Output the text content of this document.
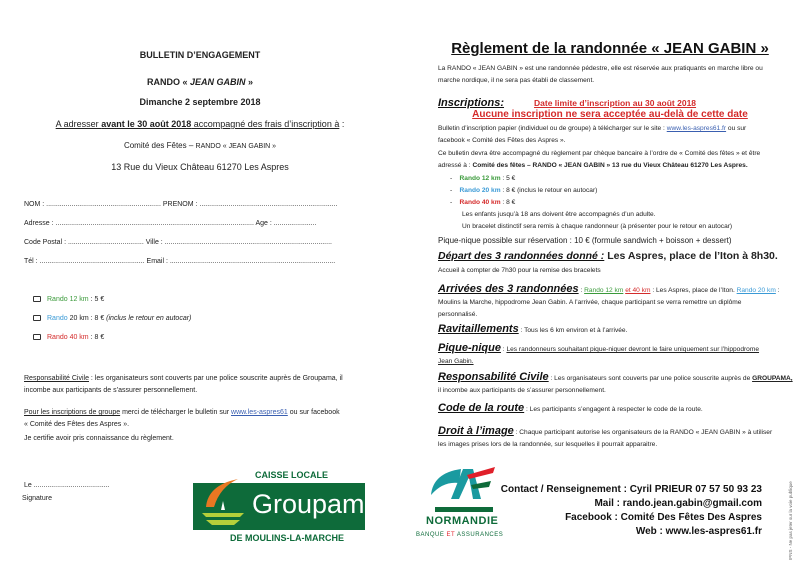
BULLETIN D’ENGAGEMENT
RANDO « JEAN GABIN »
Dimanche 2 septembre 2018
A adresser avant le 30 août 2018 accompagné des frais d’inscription à :
Comité des Fêtes – RANDO « JEAN GABIN »
13 Rue du Vieux Château 61270 Les Aspres
NOM : ........................................................... PRENOM : .......................................................................
Adresse : ...................................................................................................... Age : ......................
Code Postal : ....................................... Ville : ......................................................................................
Tél : ...................................................... Email : .....................................................................................
Rando 12 km : 5 €
Rando 20 km : 8 € (inclus le retour en autocar)
Rando 40 km : 8 €
Responsabilité Civile : les organisateurs sont couverts par une police souscrite auprès de Groupama, il
incombe aux participants de s’assurer personnellement.
Pour les inscriptions de groupe merci de télécharger le bulletin sur www.les-aspres61 ou sur facebook
« Comité des Fêtes des Aspres ».
Je certifie avoir pris connaissance du règlement.
Le .......................................
Signature
CAISSE LOCALE
Groupama
DE MOULINS-LA-MARCHE
Règlement de la randonnée « JEAN GABIN »
La RANDO « JEAN GABIN » est une randonnée pédestre, elle est réservée aux pratiquants en marche libre ou
marche nordique, il ne sera pas établi de classement.
Inscriptions:	Date limite d’inscription au 30 août 2018
Aucune inscription ne sera acceptée au-delà de cette date
Bulletin d’inscription papier (individuel ou de groupe) à télécharger sur le site : www.les-aspres61.fr ou sur
facebook « Comité des Fêtes des Aspres ».
Ce bulletin devra être accompagné du règlement par chèque bancaire à l’ordre de « Comité des fêtes » et être
adressé à : Comité des fêtes – RANDO « JEAN GABIN » 13 rue du Vieux Château 61270 Les Aspres.
-    Rando 12 km : 5 €
-    Rando 20 km : 8 € (inclus le retour en autocar)
-    Rando 40 km : 8 €
Les enfants jusqu’à 18 ans doivent être accompagnés d’un adulte.
Un bracelet distinctif sera remis à chaque randonneur (à présenter pour le retour en autocar)
Pique-nique possible sur réservation : 10 € (formule sandwich + boisson + dessert)
Départ des 3 randonnées donné : Les Aspres, place de l’Iton à 8h30.
Accueil à compter de 7h30 pour la remise des bracelets
Arrivées des 3 randonnées : Rando 12 km et 40 km : Les Aspres, place de l’Iton. Rando 20 km :
Moulins la Marche, hippodrome Jean Gabin. A l’arrivée, chaque participant se verra remettre un diplôme
personnalisé.
Ravitaillements : Tous les 6 km environ et à l’arrivée.
Pique-nique : Les randonneurs souhaitant pique-niquer devront le faire uniquement sur l’hippodrome
Jean Gabin.
Responsabilité Civile : Les organisateurs sont couverts par une police souscrite auprès de GROUPAMA,
il incombe aux participants de s’assurer personnellement.
Code de la route : Les participants s’engagent à respecter le code de la route.
Droit à l’image : Chaque participant autorise les organisateurs de la RANDO « JEAN GABIN » à utiliser
les images prises lors de la randonnée, sur lesquelles il pourrait apparaitre.
NORMANDIE
BANQUE ET ASSURANCES
Contact / Renseignement : Cyril PRIEUR 07 57 50 93 23
Mail : rando.jean.gabin@gmail.com
Facebook : Comité Des Fêtes Des Aspres
Web : www.les-aspres61.fr	IPNS - Ne pas jeter sur la voie publique
